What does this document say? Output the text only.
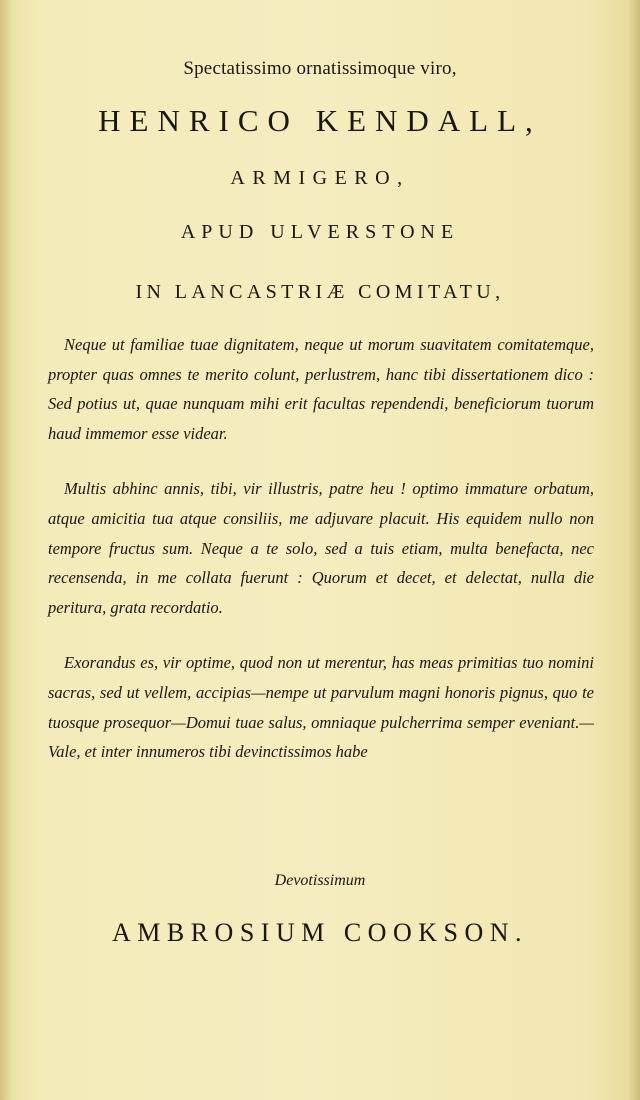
Spectatissimo ornatissimoque viro,
HENRICO KENDALL,
ARMIGERO,
APUD ULVERSTONE
IN LANCASTRIÆ COMITATU,

Neque ut familiae tuae dignitatem, neque ut morum suavitatem comitatemque, propter quas omnes te merito colunt, perlustrem, hanc tibi dissertationem dico : Sed potius ut, quae nunquam mihi erit facultas rependendi, beneficiorum tuorum haud immemor esse videar.

Multis abhinc annis, tibi, vir illustris, patre heu ! optimo immature orbatum, atque amicitia tua atque consiliis, me adjuvare placuit. His equidem nullo non tempore fructus sum. Neque a te solo, sed a tuis etiam, multa benefacta, nec recensenda, in me collata fuerunt : Quorum et decet, et delectat, nulla die peritura, grata recordatio.

Exorandus es, vir optime, quod non ut merentur, has meas primitias tuo nomini sacras, sed ut vellem, accipias—nempe ut parvulum magni honoris pignus, quo te tuosque prosequor—Domui tuae salus, omniaque pulcherrima semper eveniant.—Vale, et inter innumeros tibi devinctissimos habe

Devotissimum
AMBROSIUM COOKSON.
